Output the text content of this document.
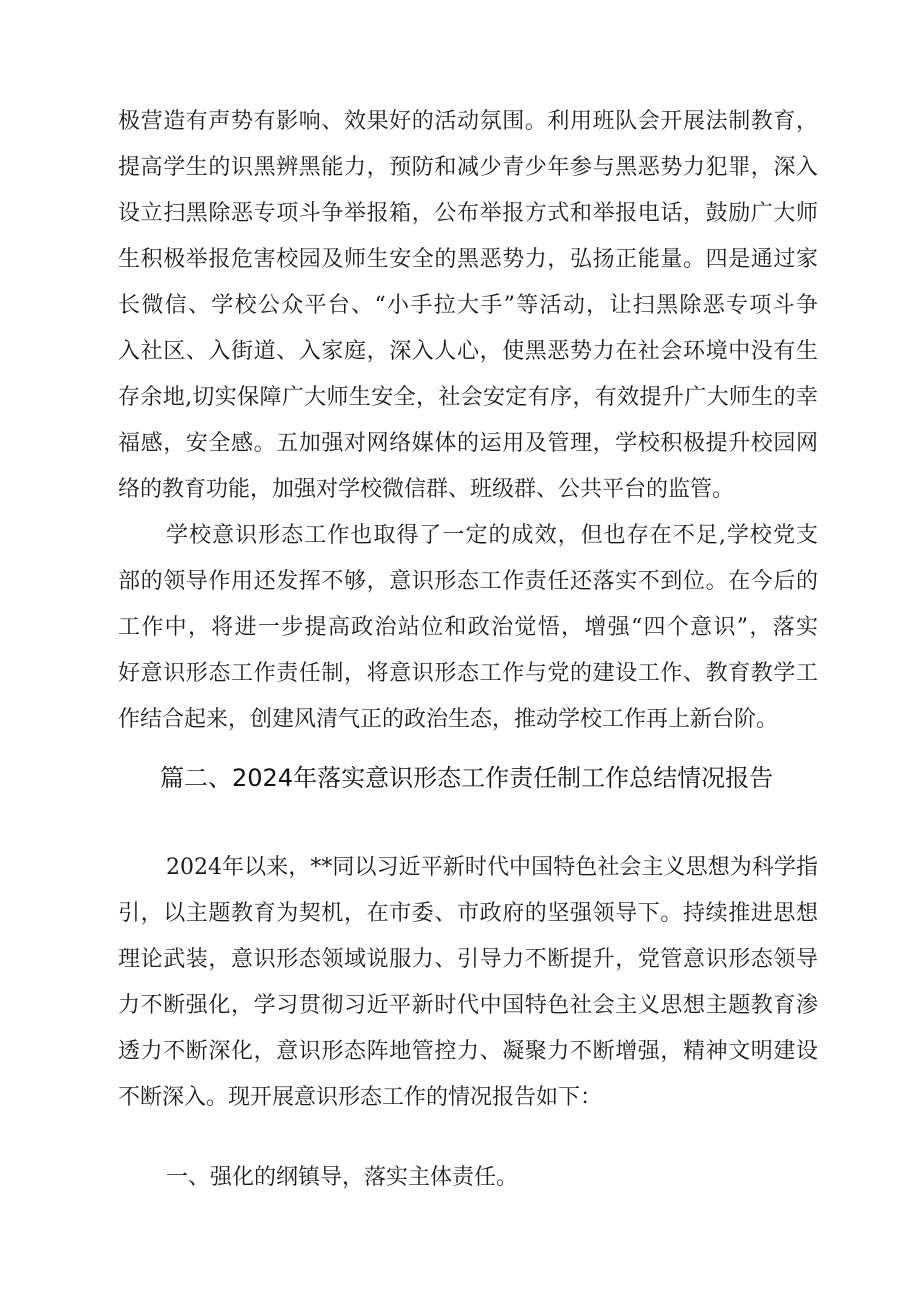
极营造有声势有影响、效果好的活动氛围。利用班队会开展法制教育，
提高学生的识黑辨黑能力，预防和减少青少年参与黑恶势力犯罪，深入
设立扫黑除恶专项斗争举报箱，公布举报方式和举报电话，鼓励广大师
生积极举报危害校园及师生安全的黑恶势力，弘扬正能量。四是通过家
长微信、学校公众平台、“小手拉大手”等活动，让扫黑除恶专项斗争
入社区、入街道、入家庭，深入人心，使黑恶势力在社会环境中没有生
存余地,切实保障广大师生安全，社会安定有序，有效提升广大师生的幸
福感，安全感。五加强对网络媒体的运用及管理，学校积极提升校园网
络的教育功能，加强对学校微信群、班级群、公共平台的监管。
学校意识形态工作也取得了一定的成效，但也存在不足,学校党支
部的领导作用还发挥不够，意识形态工作责任还落实不到位。在今后的
工作中，将进一步提高政治站位和政治觉悟，增强“四个意识”，落实
好意识形态工作责任制，将意识形态工作与党的建设工作、教育教学工
作结合起来，创建风清气正的政治生态，推动学校工作再上新台阶。
篇二、2024年落实意识形态工作责任制工作总结情况报告
2024年以来，**同以习近平新时代中国特色社会主义思想为科学指
引，以主题教育为契机，在市委、市政府的坚强领导下。持续推进思想
理论武装，意识形态领域说服力、引导力不断提升，党管意识形态领导
力不断强化，学习贯彻习近平新时代中国特色社会主义思想主题教育渗
透力不断深化，意识形态阵地管控力、凝聚力不断增强，精神文明建设
不断深入。现开展意识形态工作的情况报告如下：
一、强化的纲镇导，落实主体责任。
